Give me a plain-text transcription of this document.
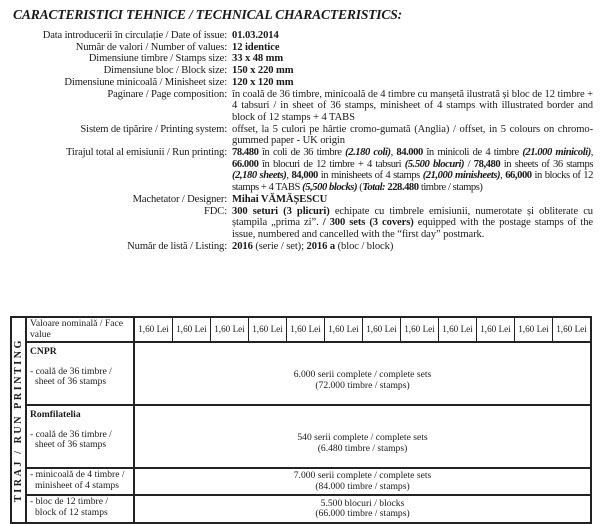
CARACTERISTICI TEHNICE / TECHNICAL CHARACTERISTICS:
Data introducerii în circulație / Date of issue: 01.03.2014
Număr de valori / Number of values: 12 identice
Dimensiune timbre / Stamps size: 33 x 48 mm
Dimensiune bloc / Block size: 150 x 220 mm
Dimensiune minicoală / Minisheet size: 120 x 120 mm
Paginare / Page composition: în coală de 36 timbre, minicoală de 4 timbre cu manșetă ilustrată și bloc de 12 timbre + 4 tabsuri / in sheet of 36 stamps, minisheet of 4 stamps with illustrated border and block of 12 stamps + 4 TABS
Sistem de tipărire / Printing system: offset, la 5 culori pe hârtie cromo-gumată (Anglia) / offset, in 5 colours on chromo-gummed paper - UK origin
Tirajul total al emisiunii / Run printing: 78.480 în coli de 36 timbre (2.180 coli), 84.000 în minicoli de 4 timbre (21.000 minicoli), 66.000 în blocuri de 12 timbre + 4 tabsuri (5.500 blocuri) / 78,480 in sheets of 36 stamps (2,180 sheets), 84,000 in minisheets of 4 stamps (21,000 minisheets), 66,000 in blocks of 12 stamps + 4 TABS (5,500 blocks) (Total: 228.480 timbre / stamps)
Machetator / Designer: Mihai VĂMĂȘESCU
FDC: 300 seturi (3 plicuri) echipate cu timbrele emisiunii, numerotate și obliterate cu ștampila „prima zi”. / 300 sets (3 covers) equipped with the postage stamps of the issue, numbered and cancelled with the “first day” postmark.
Număr de listă / Listing: 2016 (serie / set); 2016 a (bloc / block)
TIRAJ / RUN PRINTING	Valoare nominală / Face value	1,60 Lei	1,60 Lei	1,60 Lei	1,60 Lei	1,60 Lei	1,60 Lei	1,60 Lei	1,60 Lei	1,60 Lei	1,60 Lei	1,60 Lei	1,60 Lei

	CNPR
- coală de 36 timbre /
sheet of 36 stamps	6.000 serii complete / complete sets
(72.000 timbre / stamps)											

	Romfilatelia
- coală de 36 timbre /
sheet of 36 stamps	540 serii complete / complete sets
(6.480 timbre / stamps)											

	- minicoală de 4 timbre /
minisheet of 4 stamps	7.000 serii complete / complete sets
(84.000 timbre / stamps)											

	- bloc de 12 timbre /
block of 12 stamps	5.500 blocuri / blocks
(66.000 timbre / stamps)											
